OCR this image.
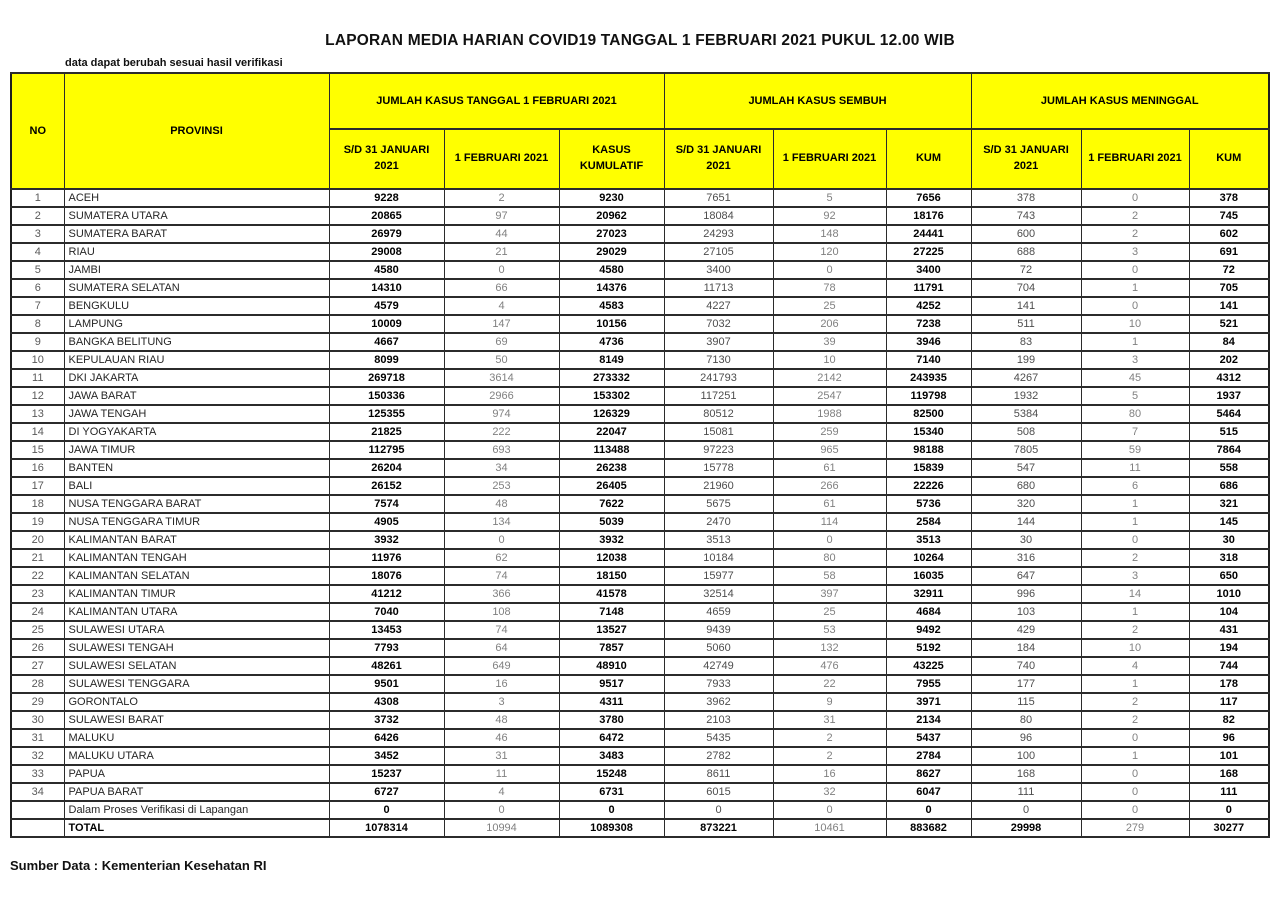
LAPORAN MEDIA HARIAN COVID19 TANGGAL 1 FEBRUARI 2021 PUKUL 12.00 WIB
data dapat berubah sesuai hasil verifikasi
NO	PROVINSI	JUMLAH KASUS TANGGAL 1 FEBRUARI 2021			JUMLAH KASUS SEMBUH			JUMLAH KASUS MENINGGAL		
		S/D 31 JANUARI 2021	1 FEBRUARI 2021	KASUS KUMULATIF	S/D 31 JANUARI 2021	1 FEBRUARI 2021	KUM	S/D 31 JANUARI 2021	1 FEBRUARI 2021	KUM
1	ACEH	9228	2	9230	7651	5	7656	378	0	378
2	SUMATERA UTARA	20865	97	20962	18084	92	18176	743	2	745
3	SUMATERA BARAT	26979	44	27023	24293	148	24441	600	2	602
4	RIAU	29008	21	29029	27105	120	27225	688	3	691
5	JAMBI	4580	0	4580	3400	0	3400	72	0	72
6	SUMATERA SELATAN	14310	66	14376	11713	78	11791	704	1	705
7	BENGKULU	4579	4	4583	4227	25	4252	141	0	141
8	LAMPUNG	10009	147	10156	7032	206	7238	511	10	521
9	BANGKA BELITUNG	4667	69	4736	3907	39	3946	83	1	84
10	KEPULAUAN RIAU	8099	50	8149	7130	10	7140	199	3	202
11	DKI JAKARTA	269718	3614	273332	241793	2142	243935	4267	45	4312
12	JAWA BARAT	150336	2966	153302	117251	2547	119798	1932	5	1937
13	JAWA TENGAH	125355	974	126329	80512	1988	82500	5384	80	5464
14	DI YOGYAKARTA	21825	222	22047	15081	259	15340	508	7	515
15	JAWA TIMUR	112795	693	113488	97223	965	98188	7805	59	7864
16	BANTEN	26204	34	26238	15778	61	15839	547	11	558
17	BALI	26152	253	26405	21960	266	22226	680	6	686
18	NUSA TENGGARA BARAT	7574	48	7622	5675	61	5736	320	1	321
19	NUSA TENGGARA TIMUR	4905	134	5039	2470	114	2584	144	1	145
20	KALIMANTAN BARAT	3932	0	3932	3513	0	3513	30	0	30
21	KALIMANTAN TENGAH	11976	62	12038	10184	80	10264	316	2	318
22	KALIMANTAN SELATAN	18076	74	18150	15977	58	16035	647	3	650
23	KALIMANTAN TIMUR	41212	366	41578	32514	397	32911	996	14	1010
24	KALIMANTAN UTARA	7040	108	7148	4659	25	4684	103	1	104
25	SULAWESI UTARA	13453	74	13527	9439	53	9492	429	2	431
26	SULAWESI TENGAH	7793	64	7857	5060	132	5192	184	10	194
27	SULAWESI SELATAN	48261	649	48910	42749	476	43225	740	4	744
28	SULAWESI TENGGARA	9501	16	9517	7933	22	7955	177	1	178
29	GORONTALO	4308	3	4311	3962	9	3971	115	2	117
30	SULAWESI BARAT	3732	48	3780	2103	31	2134	80	2	82
31	MALUKU	6426	46	6472	5435	2	5437	96	0	96
32	MALUKU UTARA	3452	31	3483	2782	2	2784	100	1	101
33	PAPUA	15237	11	15248	8611	16	8627	168	0	168
34	PAPUA BARAT	6727	4	6731	6015	32	6047	111	0	111
	Dalam Proses Verifikasi di Lapangan	0	0	0	0	0	0	0	0	0
	TOTAL	1078314	10994	1089308	873221	10461	883682	29998	279	30277
Sumber Data : Kementerian Kesehatan RI
